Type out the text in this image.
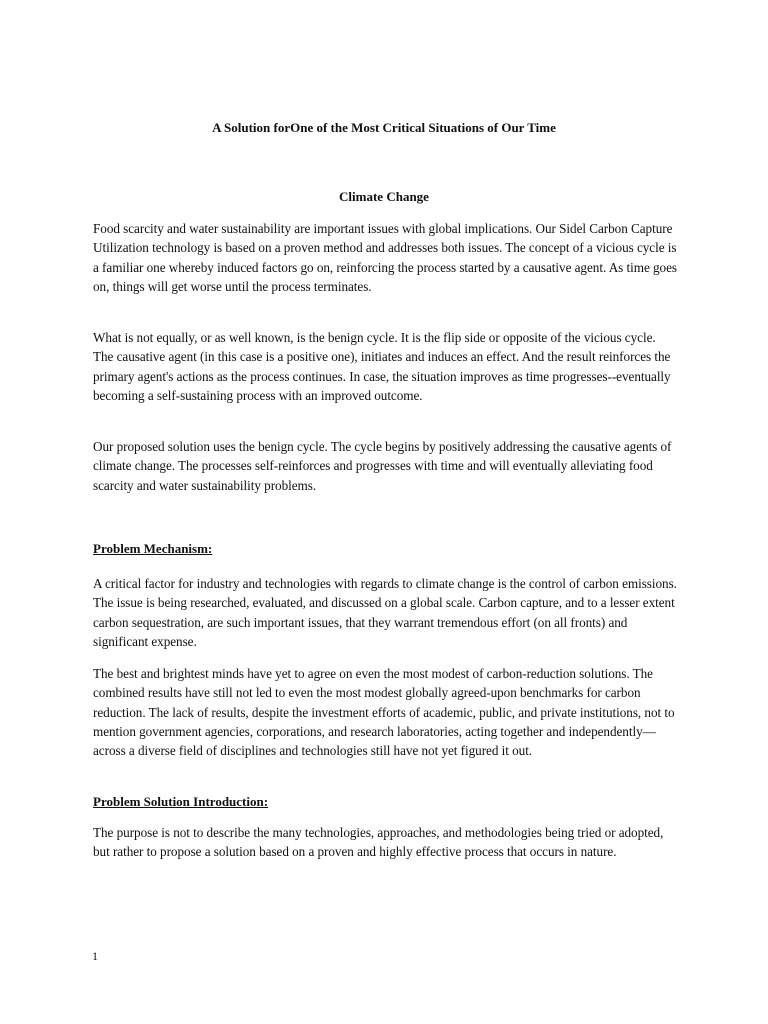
A Solution forOne of the Most Critical Situations of Our Time
Climate Change

Food scarcity and water sustainability are important issues with global implications. Our Sidel Carbon Capture Utilization technology is based on a proven method and addresses both issues. The concept of a vicious cycle is a familiar one whereby induced factors go on, reinforcing the process started by a causative agent. As time goes on, things will get worse until the process terminates.

What is not equally, or as well known, is the benign cycle. It is the flip side or opposite of the vicious cycle. The causative agent (in this case is a positive one), initiates and induces an effect. And the result reinforces the primary agent's actions as the process continues. In case, the situation improves as time progresses--eventually becoming a self-sustaining process with an improved outcome.

Our proposed solution uses the benign cycle. The cycle begins by positively addressing the causative agents of climate change. The processes self-reinforces and progresses with time and will eventually alleviating food scarcity and water sustainability problems.

Problem Mechanism:

A critical factor for industry and technologies with regards to climate change is the control of carbon emissions. The issue is being researched, evaluated, and discussed on a global scale. Carbon capture, and to a lesser extent carbon sequestration, are such important issues, that they warrant tremendous effort (on all fronts) and significant expense.

The best and brightest minds have yet to agree on even the most modest of carbon-reduction solutions. The combined results have still not led to even the most modest globally agreed-upon benchmarks for carbon reduction. The lack of results, despite the investment efforts of academic, public, and private institutions, not to mention government agencies, corporations, and research laboratories, acting together and independently—across a diverse field of disciplines and technologies still have not yet figured it out.

Problem Solution Introduction:

The purpose is not to describe the many technologies, approaches, and methodologies being tried or adopted, but rather to propose a solution based on a proven and highly effective process that occurs in nature.

1
